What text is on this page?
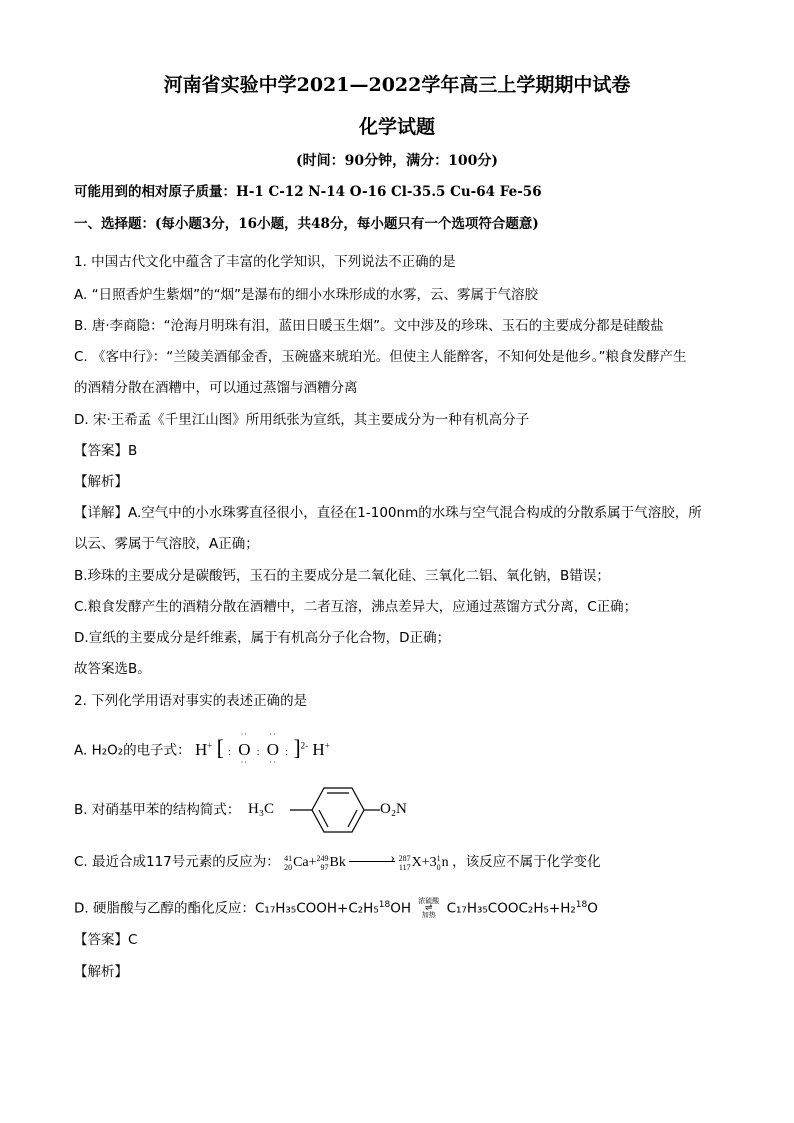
河南省实验中学2021—2022学年高三上学期期中试卷
化学试题
(时间：90分钟，满分：100分)
可能用到的相对原子质量：H-1 C-12 N-14 O-16 Cl-35.5 Cu-64 Fe-56
一、选择题：(每小题3分，16小题，共48分，每小题只有一个选项符合题意)
1. 中国古代文化中蕴含了丰富的化学知识，下列说法不正确的是
A. “日照香炉生紫烟”的“烟”是瀑布的细小水珠形成的水雾，云、雾属于气溶胶
B. 唐·李商隐：“沧海月明珠有泪，蓝田日暖玉生烟”。文中涉及的珍珠、玉石的主要成分都是硅酸盐
C. 《客中行》：“兰陵美酒郁金香，玉碗盛来琥珀光。但使主人能醉客，不知何处是他乡。”粮食发酵产生
的酒精分散在酒糟中，可以通过蒸馏与酒糟分离
D. 宋·王希孟《千里江山图》所用纸张为宣纸，其主要成分为一种有机高分子
【答案】B
【解析】
【详解】A.空气中的小水珠雾直径很小，直径在1-100nm的水珠与空气混合构成的分散系属于气溶胶，所
以云、雾属于气溶胶，A正确；
B.珍珠的主要成分是碳酸钙，玉石的主要成分是二氧化硅、三氧化二铝、氧化钠，B错误；
C.粮食发酵产生的酒精分散在酒糟中，二者互溶，沸点差异大，应通过蒸馏方式分离，C正确；
D.宣纸的主要成分是纤维素，属于有机高分子化合物，D正确；
故答案选B。
2. 下列化学用语对事实的表述正确的是
A. H₂O₂的电子式： H+ [ :
··
O
··
:
··
O
··
: ]$^{2-}$ H+
B. 对硝基甲苯的结构简式： H₃C	O₂N
C. 最近合成117号元素的反应为： 41
20 Ca+ 249
97 Bk	› 287
117 X+3 1
0 n ，该反应不属于化学变化
D. 硬脂酸与乙醇的酯化反应：C₁₇H₃₅COOH+C₂H₅$^{18}$OH 浓硫酸
⇌
加热 C₁₇H₃₅COOC₂H₅+H₂$^{18}$O
【答案】C
【解析】
